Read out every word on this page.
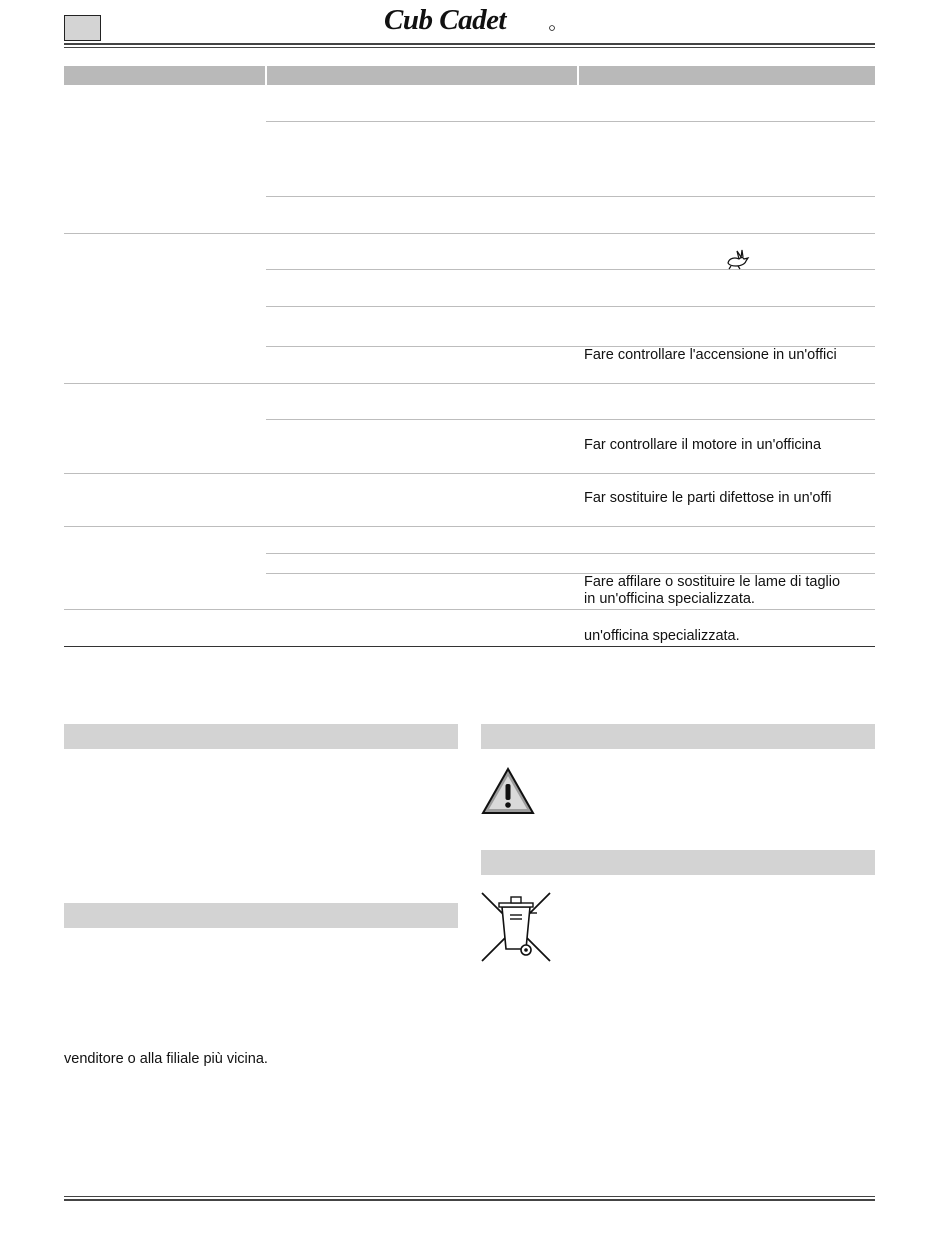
Cub Cadet
Fare controllare l'accensione in un'offici
Far controllare il motore in un'officina
Far sostituire le parti difettose in un'offi
Fare affilare o sostituire le lame di taglio
in un'officina specializzata.
un'officina specializzata.
venditore o alla filiale più vicina.
